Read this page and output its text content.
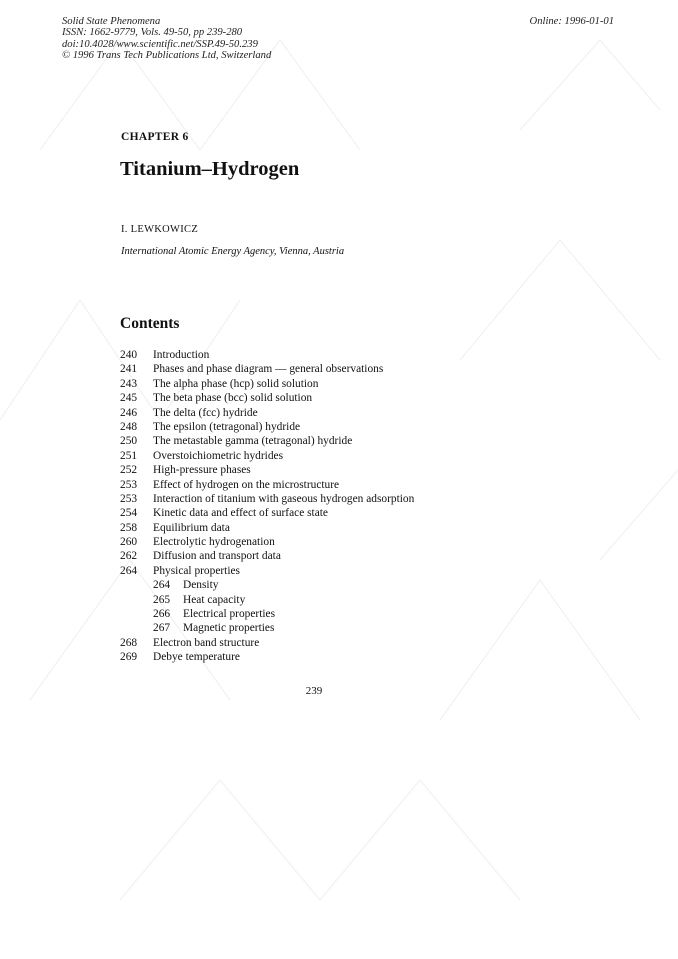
Solid State Phenomena
ISSN: 1662-9779, Vols. 49-50, pp 239-280
doi:10.4028/www.scientific.net/SSP.49-50.239
© 1996 Trans Tech Publications Ltd, Switzerland
Online: 1996-01-01
CHAPTER 6
Titanium–Hydrogen
I. LEWKOWICZ
International Atomic Energy Agency, Vienna, Austria
Contents
240 Introduction
241 Phases and phase diagram — general observations
243 The alpha phase (hcp) solid solution
245 The beta phase (bcc) solid solution
246 The delta (fcc) hydride
248 The epsilon (tetragonal) hydride
250 The metastable gamma (tetragonal) hydride
251 Overstoichiometric hydrides
252 High-pressure phases
253 Effect of hydrogen on the microstructure
253 Interaction of titanium with gaseous hydrogen adsorption
254 Kinetic data and effect of surface state
258 Equilibrium data
260 Electrolytic hydrogenation
262 Diffusion and transport data
264 Physical properties
264 Density
265 Heat capacity
266 Electrical properties
267 Magnetic properties
268 Electron band structure
269 Debye temperature
239
